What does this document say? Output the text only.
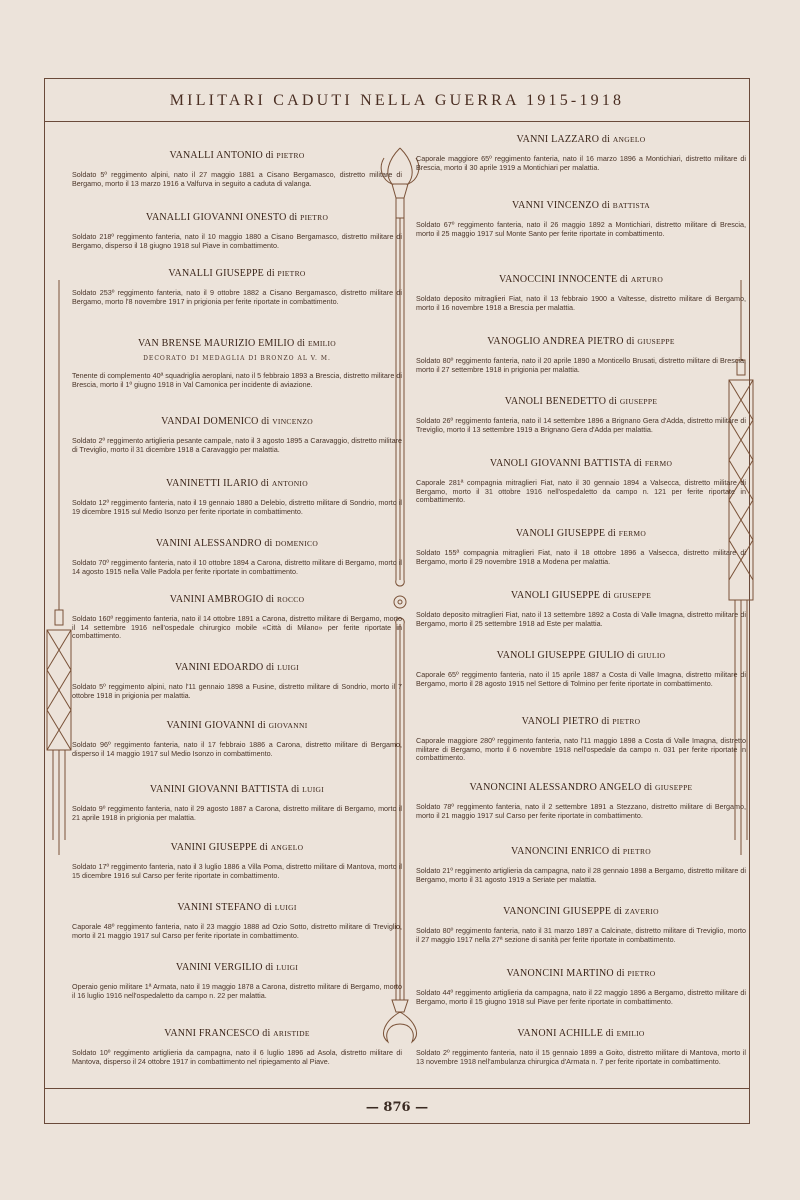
MILITARI CADUTI NELLA GUERRA 1915-1918
VANALLI ANTONIO di PIETRO
Soldato 5º reggimento alpini, nato il 27 maggio 1881 a Cisano Bergamasco, distretto militare di Bergamo, morto il 13 marzo 1916 a Valfurva in seguito a caduta di valanga.
VANALLI GIOVANNI ONESTO di PIETRO
Soldato 218º reggimento fanteria, nato il 10 maggio 1880 a Cisano Bergamasco, distretto militare di Bergamo, disperso il 18 giugno 1918 sul Piave in combattimento.
VANALLI GIUSEPPE di PIETRO
Soldato 253º reggimento fanteria, nato il 9 ottobre 1882 a Cisano Bergamasco, distretto militare di Bergamo, morto l'8 novembre 1917 in prigionia per ferite riportate in combattimento.
VAN BRENSE MAURIZIO EMILIO di EMILIO
DECORATO DI MEDAGLIA DI BRONZO AL V. M.
Tenente di complemento 40ª squadriglia aeroplani, nato il 5 febbraio 1893 a Brescia, distretto militare di Brescia, morto il 1º giugno 1918 in Val Camonica per incidente di aviazione.
VANDAI DOMENICO di VINCENZO
Soldato 2º reggimento artiglieria pesante campale, nato il 3 agosto 1895 a Caravaggio, distretto militare di Treviglio, morto il 31 dicembre 1918 a Caravaggio per malattia.
VANINETTI ILARIO di ANTONIO
Soldato 12º reggimento fanteria, nato il 19 gennaio 1880 a Delebio, distretto militare di Sondrio, morto il 19 dicembre 1915 sul Medio Isonzo per ferite riportate in combattimento.
VANINI ALESSANDRO di DOMENICO
Soldato 70º reggimento fanteria, nato il 10 ottobre 1894 a Carona, distretto militare di Bergamo, morto il 14 agosto 1915 nella Valle Padola per ferite riportate in combattimento.
VANINI AMBROGIO di ROCCO
Soldato 160º reggimento fanteria, nato il 14 ottobre 1891 a Carona, distretto militare di Bergamo, morto il 14 settembre 1916 nell'ospedale chirurgico mobile «Città di Milano» per ferite riportate in combattimento.
VANINI EDOARDO di LUIGI
Soldato 5º reggimento alpini, nato l'11 gennaio 1898 a Fusine, distretto militare di Sondrio, morto il 7 ottobre 1918 in prigionia per malattia.
VANINI GIOVANNI di GIOVANNI
Soldato 96º reggimento fanteria, nato il 17 febbraio 1886 a Carona, distretto militare di Bergamo, disperso il 14 maggio 1917 sul Medio Isonzo in combattimento.
VANINI GIOVANNI BATTISTA di LUIGI
Soldato 9º reggimento fanteria, nato il 29 agosto 1887 a Carona, distretto militare di Bergamo, morto il 21 aprile 1918 in prigionia per malattia.
VANINI GIUSEPPE di ANGELO
Soldato 17º reggimento fanteria, nato il 3 luglio 1886 a Villa Poma, distretto militare di Mantova, morto il 15 dicembre 1916 sul Carso per ferite riportate in combattimento.
VANINI STEFANO di LUIGI
Caporale 48º reggimento fanteria, nato il 23 maggio 1888 ad Ozio Sotto, distretto militare di Treviglio, morto il 21 maggio 1917 sul Carso per ferite riportate in combattimento.
VANINI VERGILIO di LUIGI
Operaio genio militare 1ª Armata, nato il 19 maggio 1878 a Carona, distretto militare di Bergamo, morto il 16 luglio 1916 nell'ospedaletto da campo n. 22 per malattia.
VANNI FRANCESCO di ARISTIDE
Soldato 10º reggimento artiglieria da campagna, nato il 6 luglio 1896 ad Asola, distretto militare di Mantova, disperso il 24 ottobre 1917 in combattimento nel ripiegamento al Piave.
VANNI LAZZARO di ANGELO
Caporale maggiore 65º reggimento fanteria, nato il 16 marzo 1896 a Montichiari, distretto militare di Brescia, morto il 30 aprile 1919 a Montichiari per malattia.
VANNI VINCENZO di BATTISTA
Soldato 67º reggimento fanteria, nato il 26 maggio 1892 a Montichiari, distretto militare di Brescia, morto il 25 maggio 1917 sul Monte Santo per ferite riportate in combattimento.
VANOCCINI INNOCENTE di ARTURO
Soldato deposito mitraglieri Fiat, nato il 13 febbraio 1900 a Valtesse, distretto militare di Bergamo, morto il 16 novembre 1918 a Brescia per malattia.
VANOGLIO ANDREA PIETRO di GIUSEPPE
Soldato 80º reggimento fanteria, nato il 20 aprile 1890 a Monticello Brusati, distretto militare di Brescia, morto il 27 settembre 1918 in prigionia per malattia.
VANOLI BENEDETTO di GIUSEPPE
Soldato 26º reggimento fanteria, nato il 14 settembre 1896 a Brignano Gera d'Adda, distretto militare di Treviglio, morto il 13 settembre 1919 a Brignano Gera d'Adda per malattia.
VANOLI GIOVANNI BATTISTA di FERMO
Caporale 281ª compagnia mitraglieri Fiat, nato il 30 gennaio 1894 a Valsecca, distretto militare di Bergamo, morto il 31 ottobre 1916 nell'ospedaletto da campo n. 121 per ferite riportate in combattimento.
VANOLI GIUSEPPE di FERMO
Soldato 155ª compagnia mitraglieri Fiat, nato il 18 ottobre 1896 a Valsecca, distretto militare di Bergamo, morto il 29 novembre 1918 a Modena per malattia.
VANOLI GIUSEPPE di GIUSEPPE
Soldato deposito mitraglieri Fiat, nato il 13 settembre 1892 a Costa di Valle Imagna, distretto militare di Bergamo, morto il 25 settembre 1918 ad Este per malattia.
VANOLI GIUSEPPE GIULIO di GIULIO
Caporale 65º reggimento fanteria, nato il 15 aprile 1887 a Costa di Valle Imagna, distretto militare di Bergamo, morto il 28 agosto 1915 nel Settore di Tolmino per ferite riportate in combattimento.
VANOLI PIETRO di PIETRO
Caporale maggiore 280º reggimento fanteria, nato l'11 maggio 1898 a Costa di Valle Imagna, distretto militare di Bergamo, morto il 6 novembre 1918 nell'ospedale da campo n. 031 per ferite riportate in combattimento.
VANONCINI ALESSANDRO ANGELO di GIUSEPPE
Soldato 78º reggimento fanteria, nato il 2 settembre 1891 a Stezzano, distretto militare di Bergamo, morto il 21 maggio 1917 sul Carso per ferite riportate in combattimento.
VANONCINI ENRICO di PIETRO
Soldato 21º reggimento artiglieria da campagna, nato il 28 gennaio 1898 a Bergamo, distretto militare di Bergamo, morto il 31 agosto 1919 a Seriate per malattia.
VANONCINI GIUSEPPE di ZAVERIO
Soldato 80º reggimento fanteria, nato il 31 marzo 1897 a Calcinate, distretto militare di Treviglio, morto il 27 maggio 1917 nella 27ª sezione di sanità per ferite riportate in combattimento.
VANONCINI MARTINO di PIETRO
Soldato 44º reggimento artiglieria da campagna, nato il 22 maggio 1896 a Bergamo, distretto militare di Bergamo, morto il 15 giugno 1918 sul Piave per ferite riportate in combattimento.
VANONI ACHILLE di EMILIO
Soldato 2º reggimento fanteria, nato il 15 gennaio 1899 a Goito, distretto militare di Mantova, morto il 13 novembre 1918 nell'ambulanza chirurgica d'Armata n. 7 per ferite riportate in combattimento.
— 876 —
